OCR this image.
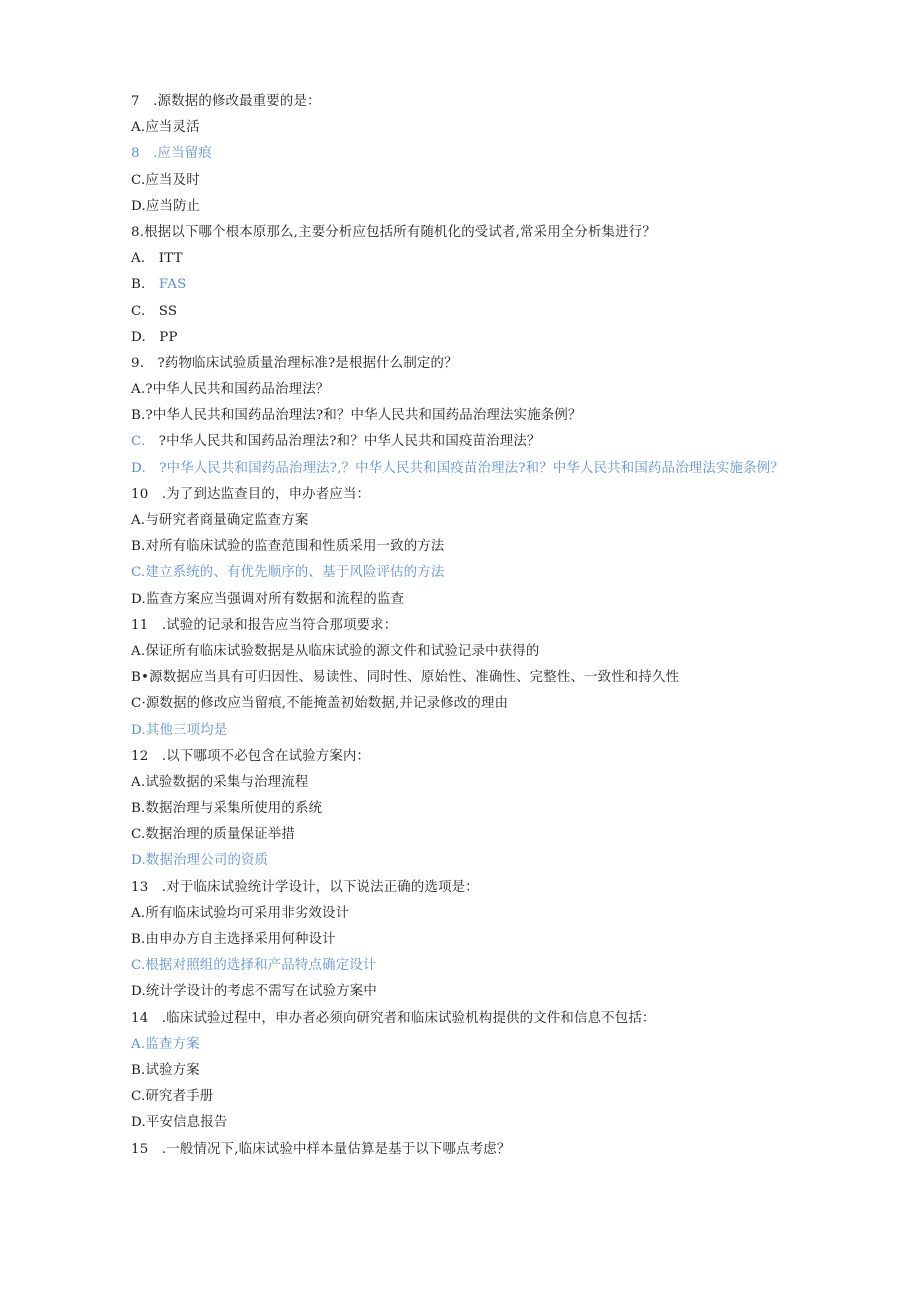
7   .源数据的修改最重要的是：
A.应当灵活
8   .应当留痕
C.应当及时
D.应当防止
8.根据以下哪个根本原那么,主要分析应包括所有随机化的受试者,常采用全分析集进行？
A.   ITT
B.   FAS
C.   SS
D.   PP
9.   ?药物临床试验质量治理标准?是根据什么制定的？
A.?中华人民共和国药品治理法？
B.?中华人民共和国药品治理法?和？中华人民共和国药品治理法实施条例？
C.   ?中华人民共和国药品治理法?和？中华人民共和国疫苗治理法？
D.   ?中华人民共和国药品治理法?,？中华人民共和国疫苗治理法?和？中华人民共和国药品治理法实施条例？
10   .为了到达监查目的，申办者应当：
A.与研究者商量确定监查方案
B.对所有临床试验的监查范围和性质采用一致的方法
C.建立系统的、有优先顺序的、基于风险评估的方法
D.监查方案应当强调对所有数据和流程的监查
11   .试验的记录和报告应当符合那项要求：
A.保证所有临床试验数据是从临床试验的源文件和试验记录中获得的
B•源数据应当具有可归因性、易读性、同时性、原始性、准确性、完整性、一致性和持久性
C·源数据的修改应当留痕,不能掩盖初始数据,并记录修改的理由
D.其他三项均是
12   .以下哪项不必包含在试验方案内：
A.试验数据的采集与治理流程
B.数据治理与采集所使用的系统
C.数据治理的质量保证举措
D.数据治理公司的资质
13   .对于临床试验统计学设计，以下说法正确的选项是：
A.所有临床试验均可采用非劣效设计
B.由申办方自主选择采用何种设计
C.根据对照组的选择和产品特点确定设计
D.统计学设计的考虑不需写在试验方案中
14   .临床试验过程中，申办者必须向研究者和临床试验机构提供的文件和信息不包括：
A.监查方案
B.试验方案
C.研究者手册
D.平安信息报告
15   .一般情况下,临床试验中样本量估算是基于以下哪点考虑？
